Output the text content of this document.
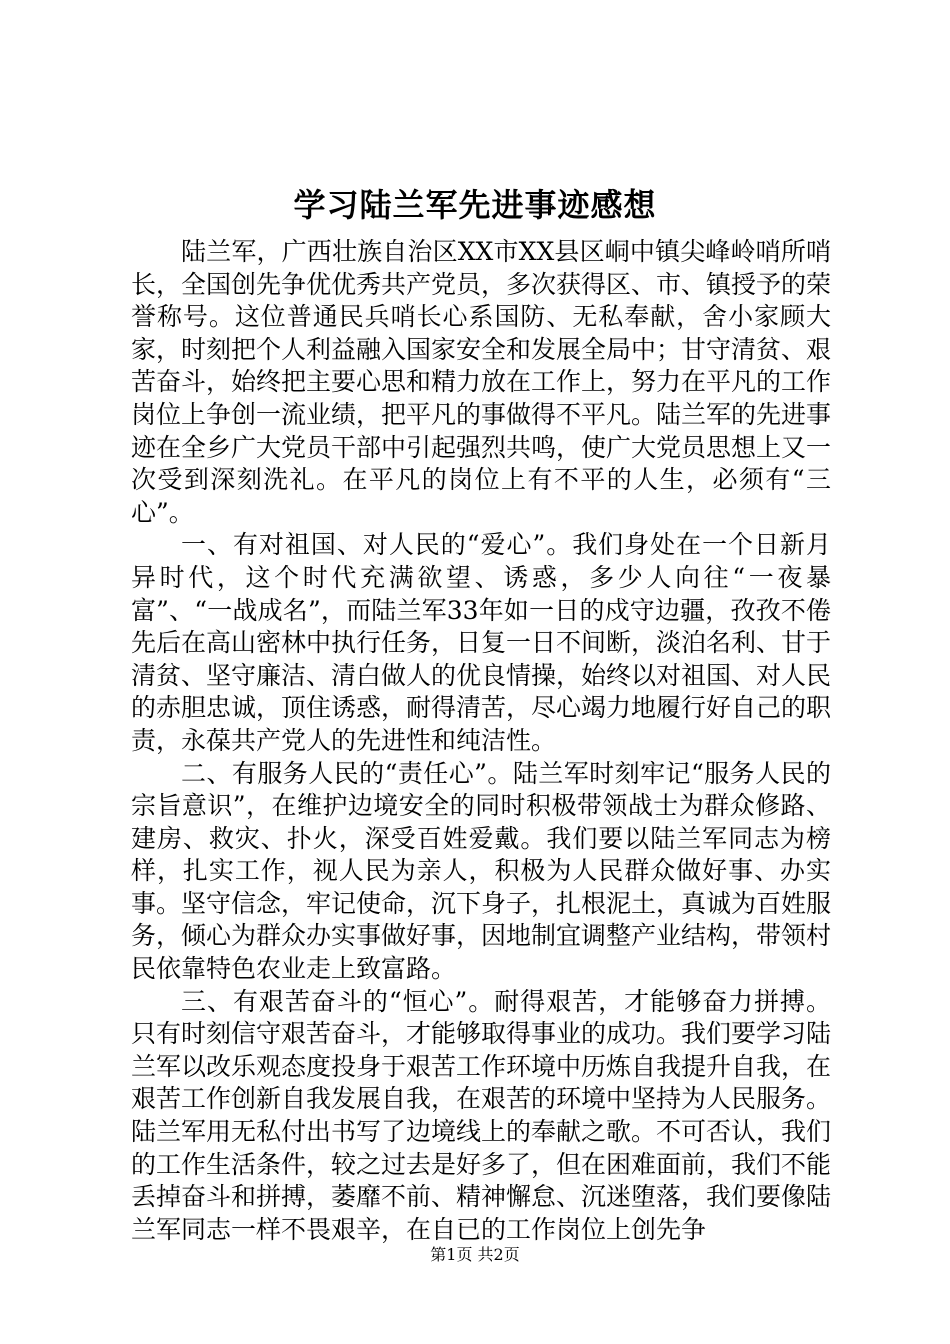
学习陆兰军先进事迹感想

陆兰军，广西壮族自治区XX市XX县区峒中镇尖峰岭哨所哨长，全国创先争优优秀共产党员，多次获得区、市、镇授予的荣誉称号。这位普通民兵哨长心系国防、无私奉献，舍小家顾大家，时刻把个人利益融入国家安全和发展全局中；甘守清贫、艰苦奋斗，始终把主要心思和精力放在工作上，努力在平凡的工作岗位上争创一流业绩，把平凡的事做得不平凡。陆兰军的先进事迹在全乡广大党员干部中引起强烈共鸣，使广大党员思想上又一次受到深刻洗礼。在平凡的岗位上有不平的人生，必须有“三心”。

一、有对祖国、对人民的“爱心”。我们身处在一个日新月异时代，这个时代充满欲望、诱惑，多少人向往“一夜暴富”、“一战成名”，而陆兰军33年如一日的戍守边疆，孜孜不倦先后在高山密林中执行任务，日复一日不间断，淡泊名利、甘于清贫、坚守廉洁、清白做人的优良情操，始终以对祖国、对人民的赤胆忠诚，顶住诱惑，耐得清苦，尽心竭力地履行好自己的职责，永葆共产党人的先进性和纯洁性。

二、有服务人民的“责任心”。陆兰军时刻牢记“服务人民的宗旨意识”，在维护边境安全的同时积极带领战士为群众修路、建房、救灾、扑火，深受百姓爱戴。我们要以陆兰军同志为榜样，扎实工作，视人民为亲人，积极为人民群众做好事、办实事。坚守信念，牢记使命，沉下身子，扎根泥土，真诚为百姓服务，倾心为群众办实事做好事，因地制宜调整产业结构，带领村民依靠特色农业走上致富路。

三、有艰苦奋斗的“恒心”。耐得艰苦，才能够奋力拼搏。只有时刻信守艰苦奋斗，才能够取得事业的成功。我们要学习陆兰军以改乐观态度投身于艰苦工作环境中历炼自我提升自我，在艰苦工作创新自我发展自我，在艰苦的环境中坚持为人民服务。陆兰军用无私付出书写了边境线上的奉献之歌。不可否认，我们的工作生活条件，较之过去是好多了，但在困难面前，我们不能丢掉奋斗和拼搏，萎靡不前、精神懈怠、沉迷堕落，我们要像陆兰军同志一样不畏艰辛，在自已的工作岗位上创先争

第1页 共2页
